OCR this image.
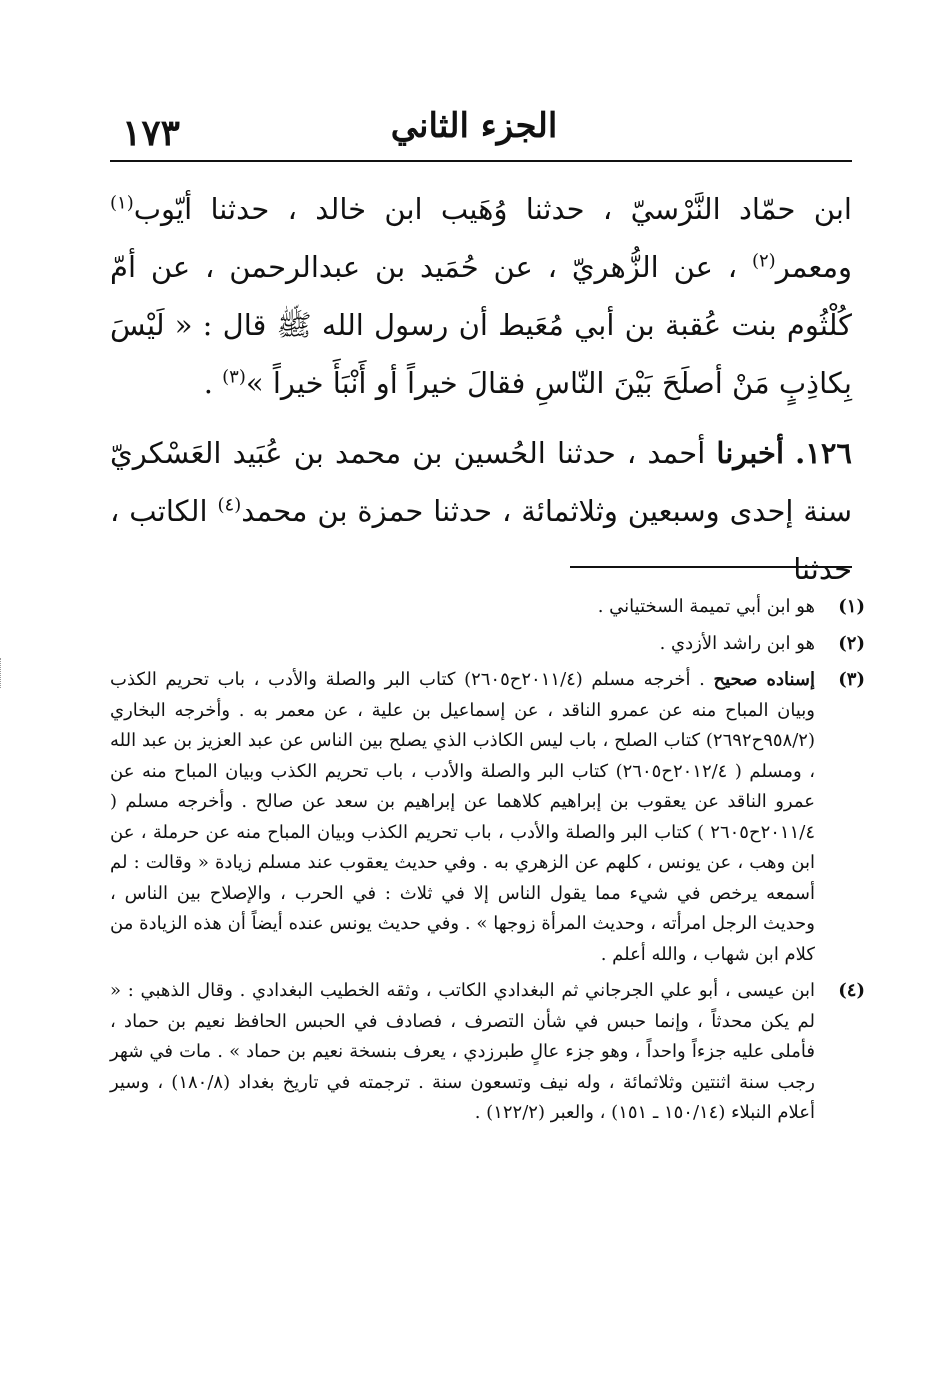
الجزء الثاني
١٧٣

ابن حمّاد النَّرْسيّ ، حدثنا وُهَيب ابن خالد ، حدثنا أيّوب$^{(١)}$ ومعمر$^{(٢)}$ ، عن الزُّهريّ ، عن حُمَيد بن عبدالرحمن ، عن أمّ كُلْثُوم بنت عُقبة بن أبي مُعَيط أن رسول الله ﷺ قال : « لَيْسَ بِكاذِبٍ مَنْ أصلَحَ بَيْنَ النّاسِ فقالَ خيراً أو أَنْبَأَ خيراً »$^{(٣)}$ .

١٢٦. أخبرنا أحمد ، حدثنا الحُسين بن محمد بن عُبَيد العَسْكريّ سنة إحدى وسبعين وثلاثمائة ، حدثنا حمزة بن محمد$^{(٤)}$ الكاتب ، حدثنا

(١)
هو ابن أبي تميمة السختياني .
(٢)
هو ابن راشد الأزدي .
(٣)
إسناده صحيح . أخرجه مسلم (٢٠١١/٤ح٢٦٠٥) كتاب البر والصلة والأدب ، باب تحريم الكذب وبيان المباح منه عن عمرو الناقد ، عن إسماعيل بن علية ، عن معمر به . وأخرجه البخاري (٩٥٨/٢ح٢٦٩٢) كتاب الصلح ، باب ليس الكاذب الذي يصلح بين الناس عن عبد العزيز بن عبد الله ، ومسلم ( ٢٠١٢/٤ح٢٦٠٥) كتاب البر والصلة والأدب ، باب تحريم الكذب وبيان المباح منه عن عمرو الناقد عن يعقوب بن إبراهيم كلاهما عن إبراهيم بن سعد عن صالح . وأخرجه مسلم ( ٢٠١١/٤ح٢٦٠٥ ) كتاب البر والصلة والأدب ، باب تحريم الكذب وبيان المباح منه عن حرملة ، عن ابن وهب ، عن يونس ، كلهم عن الزهري به . وفي حديث يعقوب عند مسلم زيادة « وقالت : لم أسمعه يرخص في شيء مما يقول الناس إلا في ثلاث : في الحرب ، والإصلاح بين الناس ، وحديث الرجل امرأته ، وحديث المرأة زوجها » . وفي حديث يونس عنده أيضاً أن هذه الزيادة من كلام ابن شهاب ، والله أعلم .
(٤)
ابن عيسى ، أبو علي الجرجاني ثم البغدادي الكاتب ، وثقه الخطيب البغدادي . وقال الذهبي : « لم يكن محدثاً ، وإنما حبس في شأن التصرف ، فصادف في الحبس الحافظ نعيم بن حماد ، فأملى عليه جزءاً واحداً ، وهو جزء عالٍ طبرزدي ، يعرف بنسخة نعيم بن حماد » . مات في شهر رجب سنة اثنتين وثلاثمائة ، وله نيف وتسعون سنة . ترجمته في تاريخ بغداد (١٨٠/٨) ، وسير أعلام النبلاء (١٥٠/١٤ ـ ١٥١) ، والعبر (١٢٢/٢) .
